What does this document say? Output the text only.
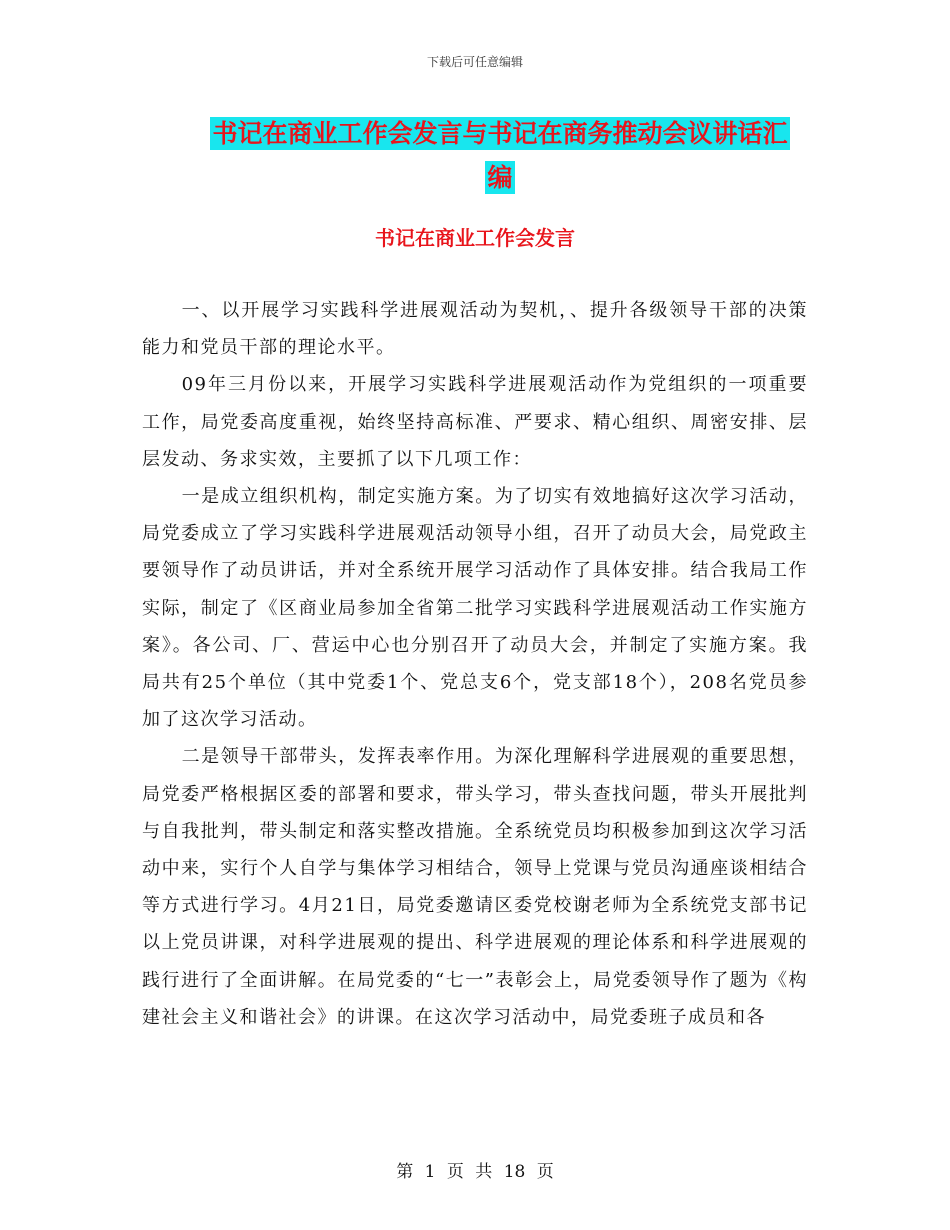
下载后可任意编辑
书记在商业工作会发言与书记在商务推动会议讲话汇
编
书记在商业工作会发言

一、以开展学习实践科学进展观活动为契机，、提升各级领导干部的决策能力和党员干部的理论水平。

09年三月份以来，开展学习实践科学进展观活动作为党组织的一项重要工作，局党委高度重视，始终坚持高标准、严要求、精心组织、周密安排、层层发动、务求实效，主要抓了以下几项工作：

一是成立组织机构，制定实施方案。为了切实有效地搞好这次学习活动，局党委成立了学习实践科学进展观活动领导小组，召开了动员大会，局党政主要领导作了动员讲话，并对全系统开展学习活动作了具体安排。结合我局工作实际，制定了《区商业局参加全省第二批学习实践科学进展观活动工作实施方案》。各公司、厂、营运中心也分别召开了动员大会，并制定了实施方案。我局共有25个单位（其中党委1个、党总支6个，党支部18个），208名党员参加了这次学习活动。

二是领导干部带头，发挥表率作用。为深化理解科学进展观的重要思想，局党委严格根据区委的部署和要求，带头学习，带头查找问题，带头开展批判与自我批判，带头制定和落实整改措施。全系统党员均积极参加到这次学习活动中来，实行个人自学与集体学习相结合，领导上党课与党员沟通座谈相结合等方式进行学习。4月21日，局党委邀请区委党校谢老师为全系统党支部书记以上党员讲课，对科学进展观的提出、科学进展观的理论体系和科学进展观的践行进行了全面讲解。在局党委的“七一”表彰会上，局党委领导作了题为《构建社会主义和谐社会》的讲课。在这次学习活动中，局党委班子成员和各

第 1 页 共 18 页
